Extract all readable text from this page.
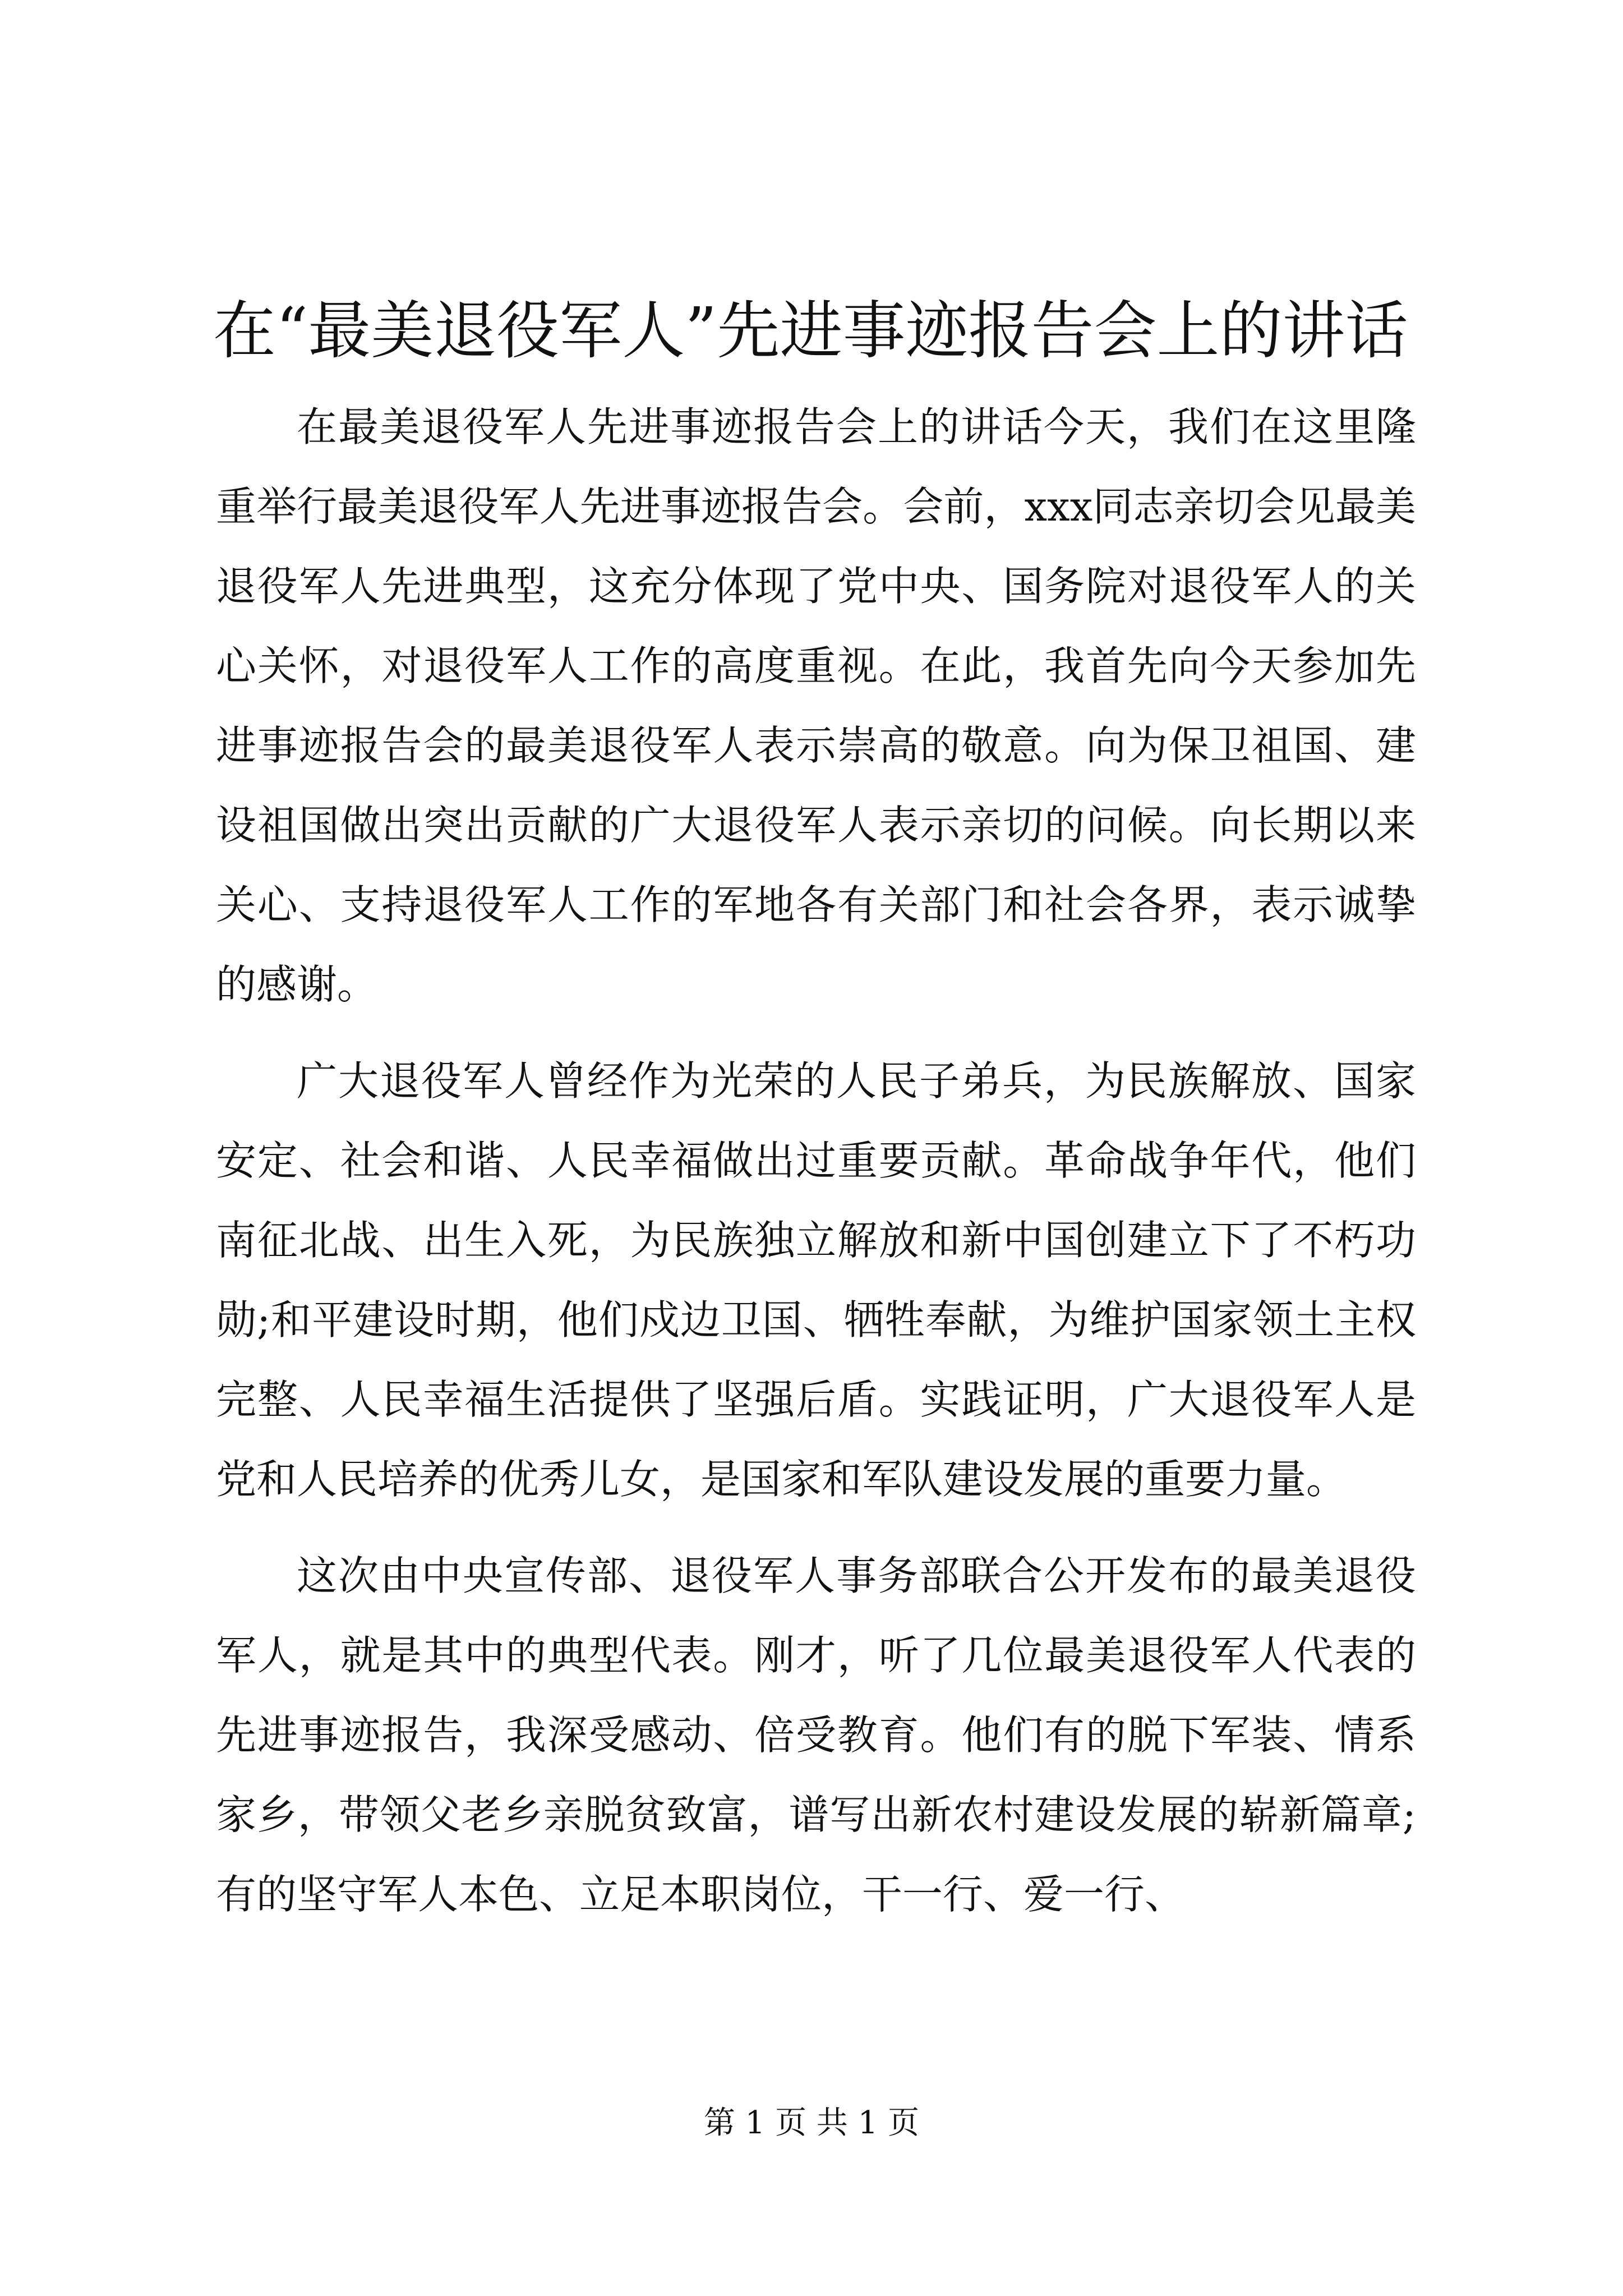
在“最美退役军人”先进事迹报告会上的讲话

在最美退役军人先进事迹报告会上的讲话今天，我们在这里隆重举行最美退役军人先进事迹报告会。会前，xxx同志亲切会见最美退役军人先进典型，这充分体现了党中央、国务院对退役军人的关心关怀，对退役军人工作的高度重视。在此，我首先向今天参加先进事迹报告会的最美退役军人表示崇高的敬意。向为保卫祖国、建设祖国做出突出贡献的广大退役军人表示亲切的问候。向长期以来关心、支持退役军人工作的军地各有关部门和社会各界，表示诚挚的感谢。

广大退役军人曾经作为光荣的人民子弟兵，为民族解放、国家安定、社会和谐、人民幸福做出过重要贡献。革命战争年代，他们南征北战、出生入死，为民族独立解放和新中国创建立下了不朽功勋;和平建设时期，他们戍边卫国、牺牲奉献，为维护国家领土主权完整、人民幸福生活提供了坚强后盾。实践证明，广大退役军人是党和人民培养的优秀儿女，是国家和军队建设发展的重要力量。

这次由中央宣传部、退役军人事务部联合公开发布的最美退役军人，就是其中的典型代表。刚才，听了几位最美退役军人代表的先进事迹报告，我深受感动、倍受教育。他们有的脱下军装、情系家乡，带领父老乡亲脱贫致富，谱写出新农村建设发展的崭新篇章;有的坚守军人本色、立足本职岗位，干一行、爱一行、

第 1 页 共 1 页
